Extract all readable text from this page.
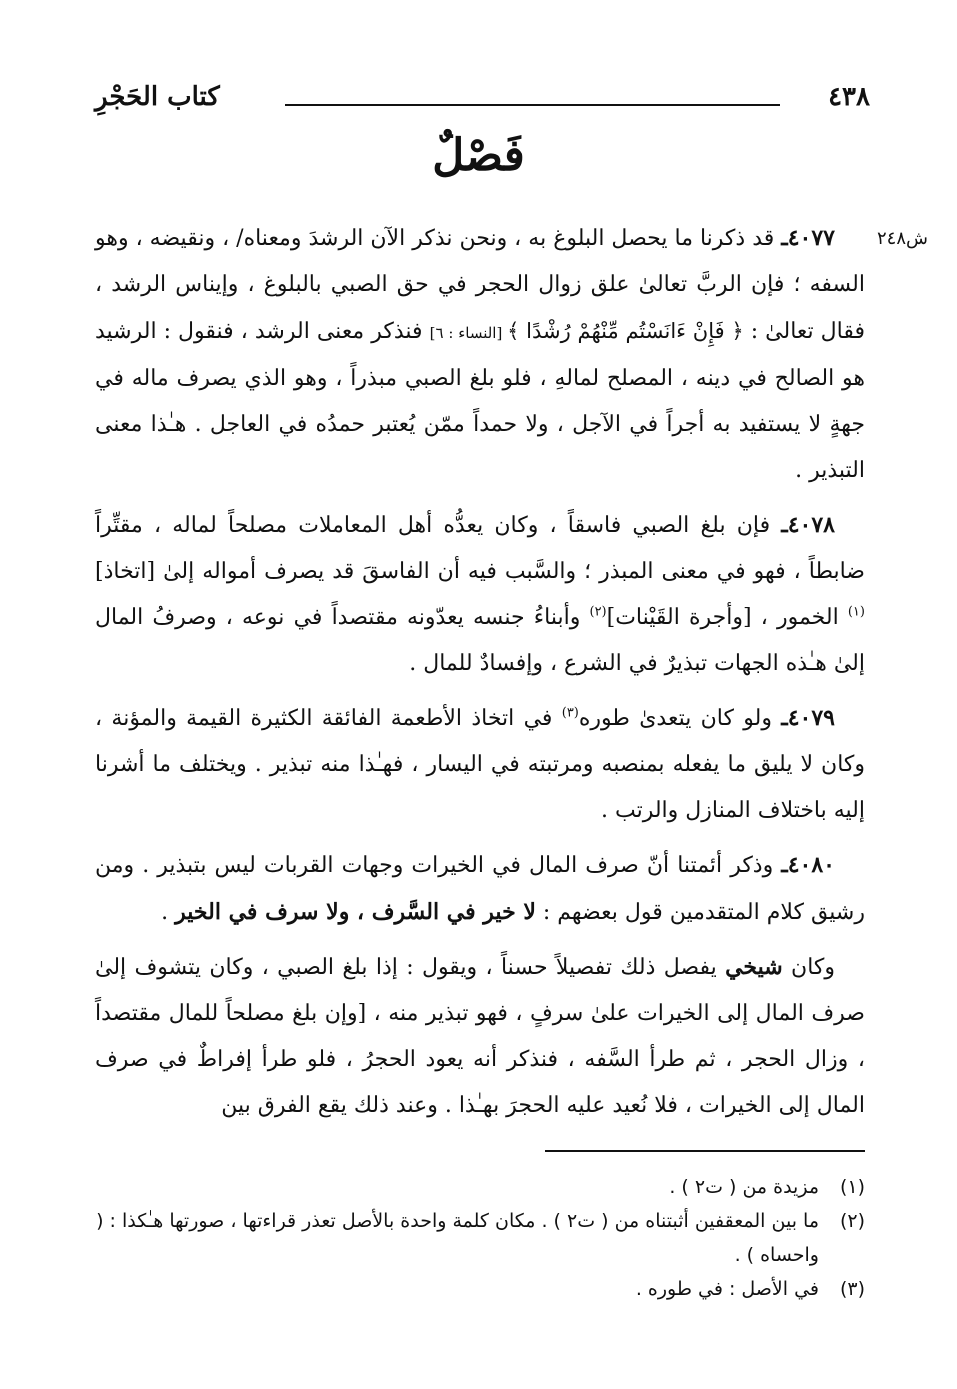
٤٣٨
كتاب الحَجْرِ
فَصْلٌ
ش٢٤٨

٤٠٧٧ـ قد ذكرنا ما يحصل البلوغ به ، ونحن نذكر الآن الرشدَ ومعناه/ ، ونقيضه ، وهو السفه ؛ فإن الربَّ تعالىٰ علق زوال الحجر في حق الصبي بالبلوغ ، وإيناس الرشد ، فقال تعالىٰ : ﴿ فَإِنْ ءَانَسْتُم مِّنْهُمْ رُشْدًا ﴾ [النساء : ٦] فنذكر معنى الرشد ، فنقول : الرشيد هو الصالح في دينه ، المصلح لمالهِ ، فلو بلغ الصبي مبذراً ، وهو الذي يصرف ماله في جهةٍ لا يستفيد به أجراً في الآجل ، ولا حمداً ممّن يُعتبر حمدُه في العاجل . هـٰذا معنى التبذير .

٤٠٧٨ـ فإن بلغ الصبي فاسقاً ، وكان يعدُّه أهل المعاملات مصلحاً لماله ، مقتِّراً ضابطاً ، فهو في معنى المبذر ؛ والسَّبب فيه أن الفاسقَ قد يصرف أمواله إلىٰ [اتخاذ]$^{(١)}$ الخمور ، [وأجرة القَيْنات]$^{(٢)}$ وأبناءُ جنسه يعدّونه مقتصداً في نوعه ، وصرفُ المال إلىٰ هـٰذه الجهات تبذيرٌ في الشرع ، وإفسادٌ للمال .

٤٠٧٩ـ ولو كان يتعدىٰ طوره$^{(٣)}$ في اتخاذ الأطعمة الفائقة الكثيرة القيمة والمؤنة ، وكان لا يليق ما يفعله بمنصبه ومرتبته في اليسار ، فهـٰذا منه تبذير . ويختلف ما أشرنا إليه باختلاف المنازل والرتب .

٤٠٨٠ـ وذكر أئمتنا أنّ صرف المال في الخيرات وجهات القربات ليس بتبذير . ومن رشيق كلام المتقدمين قول بعضهم : لا خير في السَّرف ، ولا سرف في الخير .

وكان شيخي يفصل ذلك تفصيلاً حسناً ، ويقول : إذا بلغ الصبي ، وكان يتشوف إلىٰ صرف المال إلى الخيرات علىٰ سرفٍ ، فهو تبذير منه ، [وإن بلغ مصلحاً للمال مقتصداً ، وزال الحجر ، ثم طرأ السَّفه ، فنذكر أنه يعود الحجرُ ، فلو طرأ إفراطٌ في صرف المال إلى الخيرات ، فلا نُعيد عليه الحجرَ بهـٰذا . وعند ذلك يقع الفرق بين

(١)
مزيدة من ( ت٢ ) .
(٢)
ما بين المعقفين أثبتناه من ( ت٢ ) . مكان كلمة واحدة بالأصل تعذر قراءتها ، صورتها هـٰكذا : ( واحساه ) .
(٣)
في الأصل : في طوره .
